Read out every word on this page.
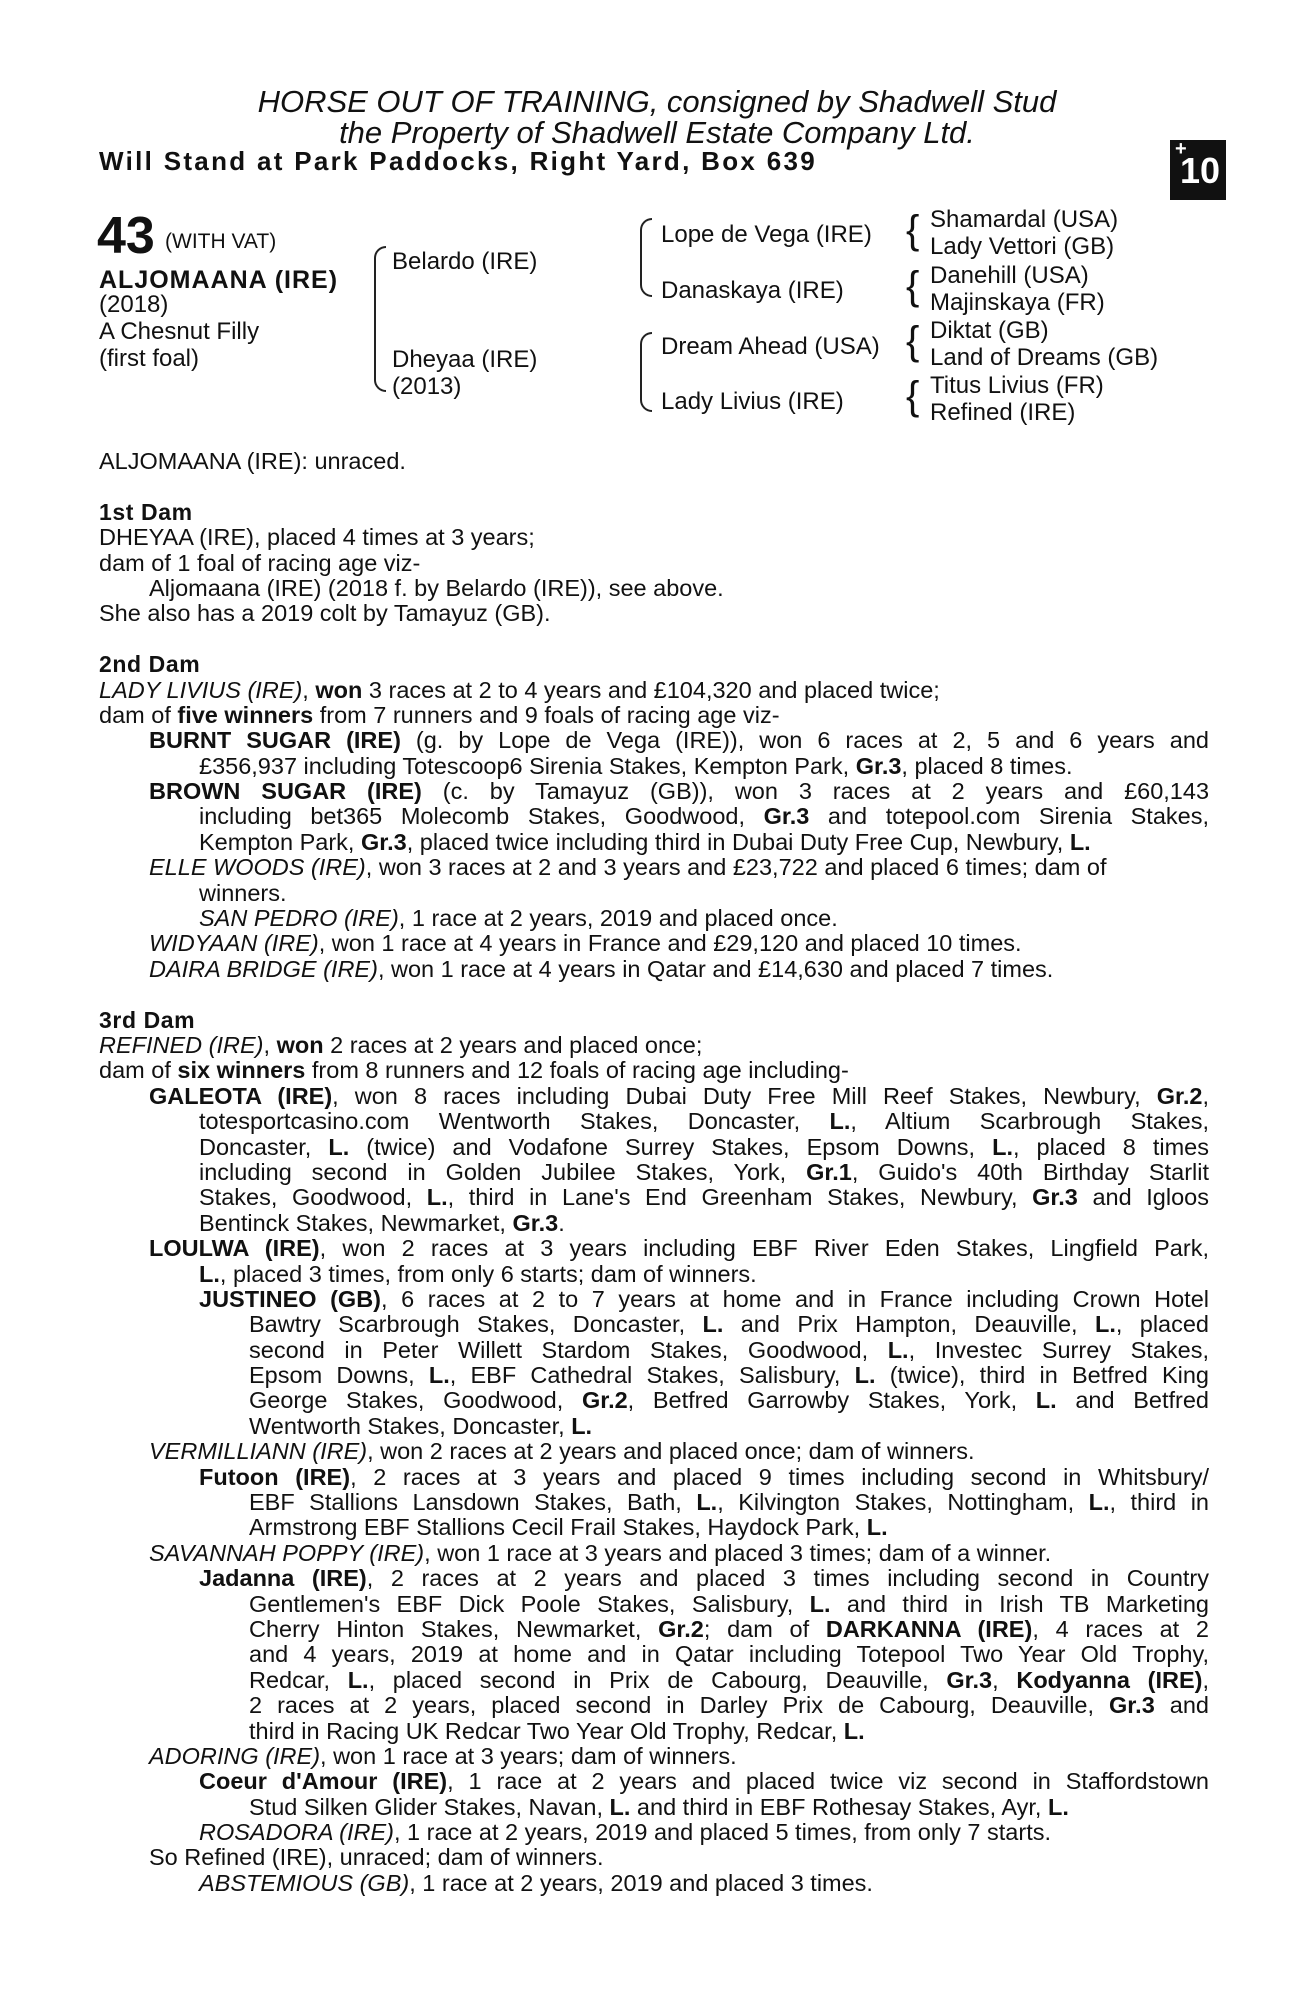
HORSE OUT OF TRAINING, consigned by Shadwell Stud
the Property of Shadwell Estate Company Ltd.
Will Stand at Park Paddocks, Right Yard, Box 639	+
10
43 (WITH VAT)
ALJOMAANA (IRE)
(2018)
A Chesnut Filly
(first foal)
Belardo (IRE)
Dheyaa (IRE)
(2013)
Lope de Vega (IRE)
Danaskaya (IRE)
Dream Ahead (USA)
Lady Livius (IRE)
{
{
{
{
Shamardal (USA)
Lady Vettori (GB)
Danehill (USA)
Majinskaya (FR)
Diktat (GB)
Land of Dreams (GB)
Titus Livius (FR)
Refined (IRE)
ALJOMAANA (IRE): unraced.
1st Dam
DHEYAA (IRE), placed 4 times at 3 years;
dam of 1 foal of racing age viz-
Aljomaana (IRE) (2018 f. by Belardo (IRE)), see above.
She also has a 2019 colt by Tamayuz (GB).
2nd Dam
LADY LIVIUS (IRE), won 3 races at 2 to 4 years and £104,320 and placed twice;
dam of five winners from 7 runners and 9 foals of racing age viz-
BURNT SUGAR (IRE) (g. by Lope de Vega (IRE)), won 6 races at 2, 5 and 6 years and
£356,937 including Totescoop6 Sirenia Stakes, Kempton Park, Gr.3, placed 8 times.
BROWN SUGAR (IRE) (c. by Tamayuz (GB)), won 3 races at 2 years and £60,143
including bet365 Molecomb Stakes, Goodwood, Gr.3 and totepool.com Sirenia Stakes,
Kempton Park, Gr.3, placed twice including third in Dubai Duty Free Cup, Newbury, L.
ELLE WOODS (IRE), won 3 races at 2 and 3 years and £23,722 and placed 6 times; dam of
winners.
SAN PEDRO (IRE), 1 race at 2 years, 2019 and placed once.
WIDYAAN (IRE), won 1 race at 4 years in France and £29,120 and placed 10 times.
DAIRA BRIDGE (IRE), won 1 race at 4 years in Qatar and £14,630 and placed 7 times.
3rd Dam
REFINED (IRE), won 2 races at 2 years and placed once;
dam of six winners from 8 runners and 12 foals of racing age including-
GALEOTA (IRE), won 8 races including Dubai Duty Free Mill Reef Stakes, Newbury, Gr.2,
totesportcasino.com Wentworth Stakes, Doncaster, L., Altium Scarbrough Stakes,
Doncaster, L. (twice) and Vodafone Surrey Stakes, Epsom Downs, L., placed 8 times
including second in Golden Jubilee Stakes, York, Gr.1, Guido's 40th Birthday Starlit
Stakes, Goodwood, L., third in Lane's End Greenham Stakes, Newbury, Gr.3 and Igloos
Bentinck Stakes, Newmarket, Gr.3.
LOULWA (IRE), won 2 races at 3 years including EBF River Eden Stakes, Lingfield Park,
L., placed 3 times, from only 6 starts; dam of winners.
JUSTINEO (GB), 6 races at 2 to 7 years at home and in France including Crown Hotel
Bawtry Scarbrough Stakes, Doncaster, L. and Prix Hampton, Deauville, L., placed
second in Peter Willett Stardom Stakes, Goodwood, L., Investec Surrey Stakes,
Epsom Downs, L., EBF Cathedral Stakes, Salisbury, L. (twice), third in Betfred King
George Stakes, Goodwood, Gr.2, Betfred Garrowby Stakes, York, L. and Betfred
Wentworth Stakes, Doncaster, L.
VERMILLIANN (IRE), won 2 races at 2 years and placed once; dam of winners.
Futoon (IRE), 2 races at 3 years and placed 9 times including second in Whitsbury/
EBF Stallions Lansdown Stakes, Bath, L., Kilvington Stakes, Nottingham, L., third in
Armstrong EBF Stallions Cecil Frail Stakes, Haydock Park, L.
SAVANNAH POPPY (IRE), won 1 race at 3 years and placed 3 times; dam of a winner.
Jadanna (IRE), 2 races at 2 years and placed 3 times including second in Country
Gentlemen's EBF Dick Poole Stakes, Salisbury, L. and third in Irish TB Marketing
Cherry Hinton Stakes, Newmarket, Gr.2; dam of DARKANNA (IRE), 4 races at 2
and 4 years, 2019 at home and in Qatar including Totepool Two Year Old Trophy,
Redcar, L., placed second in Prix de Cabourg, Deauville, Gr.3, Kodyanna (IRE),
2 races at 2 years, placed second in Darley Prix de Cabourg, Deauville, Gr.3 and
third in Racing UK Redcar Two Year Old Trophy, Redcar, L.
ADORING (IRE), won 1 race at 3 years; dam of winners.
Coeur d'Amour (IRE), 1 race at 2 years and placed twice viz second in Staffordstown
Stud Silken Glider Stakes, Navan, L. and third in EBF Rothesay Stakes, Ayr, L.
ROSADORA (IRE), 1 race at 2 years, 2019 and placed 5 times, from only 7 starts.
So Refined (IRE), unraced; dam of winners.
ABSTEMIOUS (GB), 1 race at 2 years, 2019 and placed 3 times.
